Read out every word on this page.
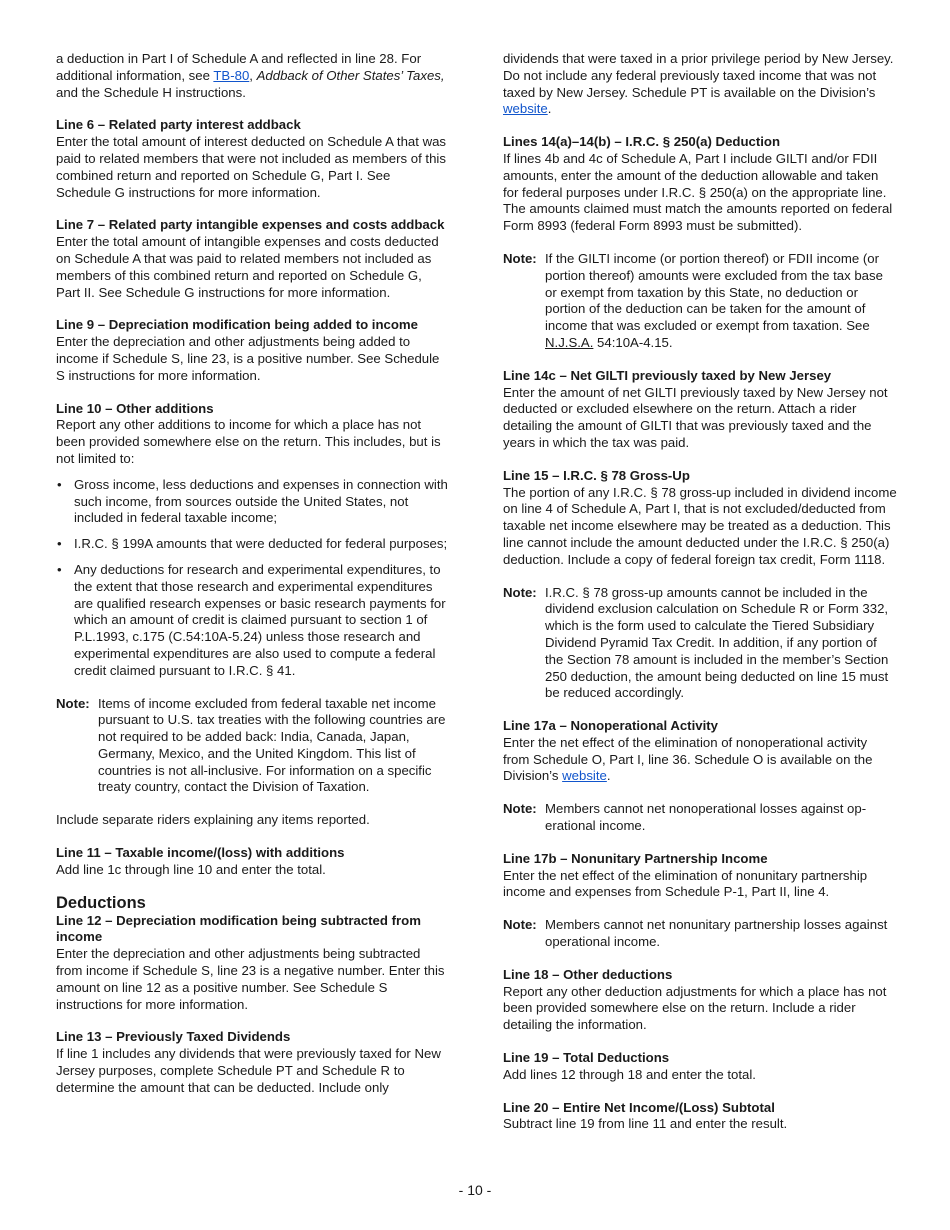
a deduction in Part I of Schedule A and reflected in line 28. For additional information, see TB-80, Addback of Other States’ Taxes, and the Schedule H instructions.

Line 6 – Related party interest addback

Enter the total amount of interest deducted on Schedule A that was paid to related members that were not included as members of this combined return and reported on Schedule G, Part I. See Schedule G instructions for more information.

Line 7 – Related party intangible expenses and costs addback

Enter the total amount of intangible expenses and costs deducted on Schedule A that was paid to related members not included as members of this combined return and reported on Schedule G, Part II. See Schedule G instructions for more information.

Line 9 – Depreciation modification being added to income

Enter the depreciation and other adjustments being added to income if Schedule S, line 23, is a positive number. See Schedule S instructions for more information.

Line 10 – Other additions

Report any other additions to income for which a place has not been provided somewhere else on the return. This includes, but is not limited to:

• Gross income, less deductions and expenses in connection with such income, from sources outside the United States, not included in federal taxable income;
• I.R.C. § 199A amounts that were deducted for federal purposes;
• Any deductions for research and experimental expenditures, to the extent that those research and experimental expenditures are qualified research expenses or basic research payments for which an amount of credit is claimed pursuant to section 1 of P.L.1993, c.175 (C.54:10A-5.24) unless those research and experimental expenditures are also used to compute a federal credit claimed pursuant to I.R.C. § 41.
Note: Items of income excluded from federal taxable net income pursuant to U.S. tax treaties with the following countries are not required to be added back: India, Canada, Japan, Germany, Mexico, and the United Kingdom. This list of countries is not all-inclusive. For information on a specific treaty country, contact the Division of Taxation.

Include separate riders explaining any items reported.

Line 11 – Taxable income/(loss) with additions

Add line 1c through line 10 and enter the total.

Deductions

Line 12 – Depreciation modification being subtracted from income

Enter the depreciation and other adjustments being subtracted from income if Schedule S, line 23 is a negative number. Enter this amount on line 12 as a positive number. See Schedule S instructions for more information.

Line 13 – Previously Taxed Dividends

If line 1 includes any dividends that were previously taxed for New Jersey purposes, complete Schedule PT and Schedule R to determine the amount that can be deducted. Include only

dividends that were taxed in a prior privilege period by New Jersey. Do not include any federal previously taxed income that was not taxed by New Jersey. Schedule PT is available on the Division’s website.

Lines 14(a)–14(b) – I.R.C. § 250(a) Deduction

If lines 4b and 4c of Schedule A, Part I include GILTI and/or FDII amounts, enter the amount of the deduction allowable and taken for federal purposes under I.R.C. § 250(a) on the appropriate line. The amounts claimed must match the amounts reported on federal Form 8993 (federal Form 8993 must be submitted).

Note: If the GILTI income (or portion thereof) or FDII income (or portion thereof) amounts were excluded from the tax base or exempt from taxation by this State, no deduction or portion of the deduction can be taken for the amount of income that was excluded or exempt from taxation. See N.J.S.A. 54:10A-4.15.

Line 14c – Net GILTI previously taxed by New Jersey

Enter the amount of net GILTI previously taxed by New Jersey not deducted or excluded elsewhere on the return. Attach a rider detailing the amount of GILTI that was previously taxed and the years in which the tax was paid.

Line 15 – I.R.C. § 78 Gross-Up

The portion of any I.R.C. § 78 gross-up included in dividend income on line 4 of Schedule A, Part I, that is not excluded/deducted from taxable net income elsewhere may be treated as a deduction. This line cannot include the amount deducted under the I.R.C. § 250(a) deduction. Include a copy of federal foreign tax credit, Form 1118.

Note: I.R.C. § 78 gross-up amounts cannot be included in the dividend exclusion calculation on Schedule R or Form 332, which is the form used to calculate the Tiered Subsidiary Dividend Pyramid Tax Credit. In addition, if any portion of the Section 78 amount is included in the member’s Section 250 deduction, the amount being deducted on line 15 must be reduced accordingly.

Line 17a – Nonoperational Activity

Enter the net effect of the elimination of nonoperational activity from Schedule O, Part I, line 36. Schedule O is available on the Division’s website.

Note: Members cannot net nonoperational losses against operational income.

Line 17b – Nonunitary Partnership Income

Enter the net effect of the elimination of nonunitary partnership income and expenses from Schedule P-1, Part II, line 4.

Note: Members cannot net nonunitary partnership losses against operational income.

Line 18 – Other deductions

Report any other deduction adjustments for which a place has not been provided somewhere else on the return. Include a rider detailing the information.

Line 19 – Total Deductions

Add lines 12 through 18 and enter the total.

Line 20 – Entire Net Income/(Loss) Subtotal

Subtract line 19 from line 11 and enter the result.

- 10 -
